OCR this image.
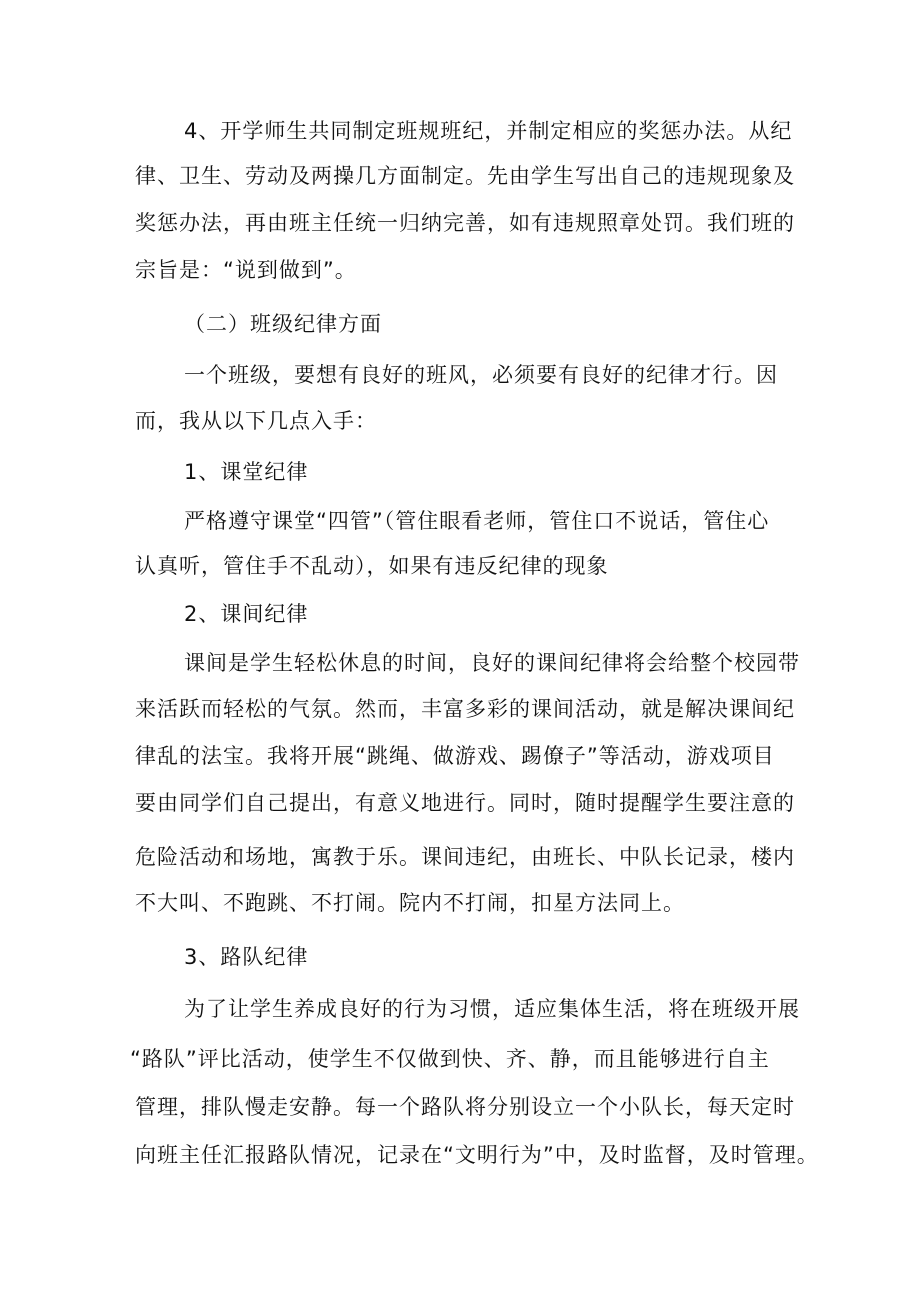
4、开学师生共同制定班规班纪，并制定相应的奖惩办法。从纪
律、卫生、劳动及两操几方面制定。先由学生写出自己的违规现象及
奖惩办法，再由班主任统一归纳完善，如有违规照章处罚。我们班的
宗旨是：“说到做到”。
（二）班级纪律方面
一个班级，要想有良好的班风，必须要有良好的纪律才行。因
而，我从以下几点入手：
1、课堂纪律
严格遵守课堂“四管”（管住眼看老师，管住口不说话，管住心
认真听，管住手不乱动），如果有违反纪律的现象
2、课间纪律
课间是学生轻松休息的时间，良好的课间纪律将会给整个校园带
来活跃而轻松的气氛。然而，丰富多彩的课间活动，就是解决课间纪
律乱的法宝。我将开展“跳绳、做游戏、踢僚子”等活动，游戏项目
要由同学们自己提出，有意义地进行。同时，随时提醒学生要注意的
危险活动和场地，寓教于乐。课间违纪，由班长、中队长记录，楼内
不大叫、不跑跳、不打闹。院内不打闹，扣星方法同上。
3、路队纪律
为了让学生养成良好的行为习惯，适应集体生活，将在班级开展
“路队”评比活动，使学生不仅做到快、齐、静，而且能够进行自主
管理，排队慢走安静。每一个路队将分别设立一个小队长，每天定时
向班主任汇报路队情况，记录在“文明行为”中，及时监督，及时管理。
